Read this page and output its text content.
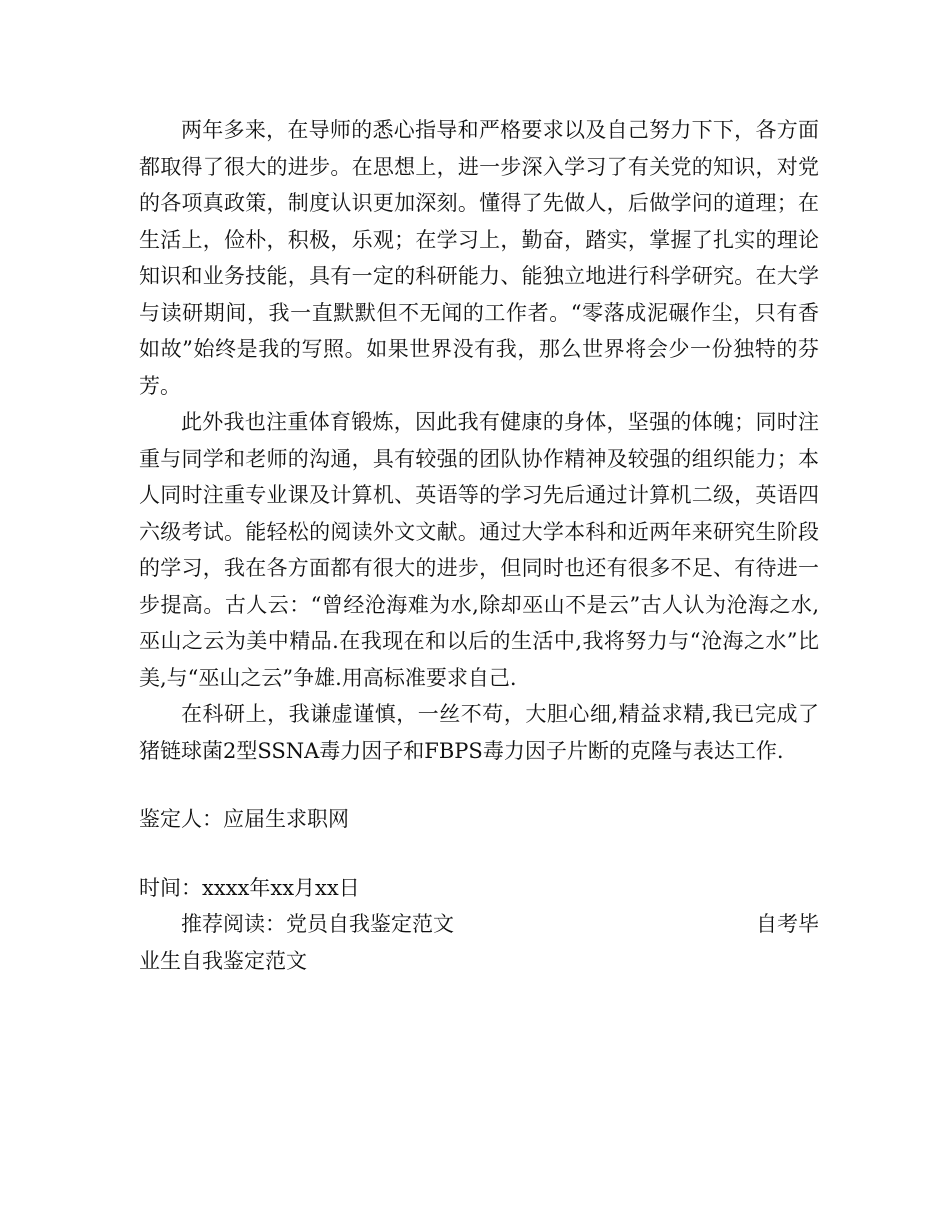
两年多来，在导师的悉心指导和严格要求以及自己努力下下，各方面都取得了很大的进步。在思想上，进一步深入学习了有关党的知识，对党的各项真政策，制度认识更加深刻。懂得了先做人，后做学问的道理；在生活上，俭朴，积极，乐观；在学习上，勤奋，踏实，掌握了扎实的理论知识和业务技能，具有一定的科研能力、能独立地进行科学研究。在大学与读研期间，我一直默默但不无闻的工作者。“零落成泥碾作尘，只有香如故”始终是我的写照。如果世界没有我，那么世界将会少一份独特的芬芳。

此外我也注重体育锻炼，因此我有健康的身体，坚强的体魄；同时注重与同学和老师的沟通，具有较强的团队协作精神及较强的组织能力；本人同时注重专业课及计算机、英语等的学习先后通过计算机二级，英语四六级考试。能轻松的阅读外文文献。通过大学本科和近两年来研究生阶段的学习，我在各方面都有很大的进步，但同时也还有很多不足、有待进一步提高。古人云：“曾经沧海难为水,除却巫山不是云”古人认为沧海之水,巫山之云为美中精品.在我现在和以后的生活中,我将努力与“沧海之水”比美,与“巫山之云”争雄.用高标准要求自己.

在科研上，我谦虚谨慎，一丝不苟，大胆心细,精益求精,我已完成了猪链球菌2型SSNA毒力因子和FBPS毒力因子片断的克隆与表达工作.

鉴定人：应届生求职网

时间：xxxx年xx月xx日

推荐阅读：党员自我鉴定范文	自考毕

业生自我鉴定范文
